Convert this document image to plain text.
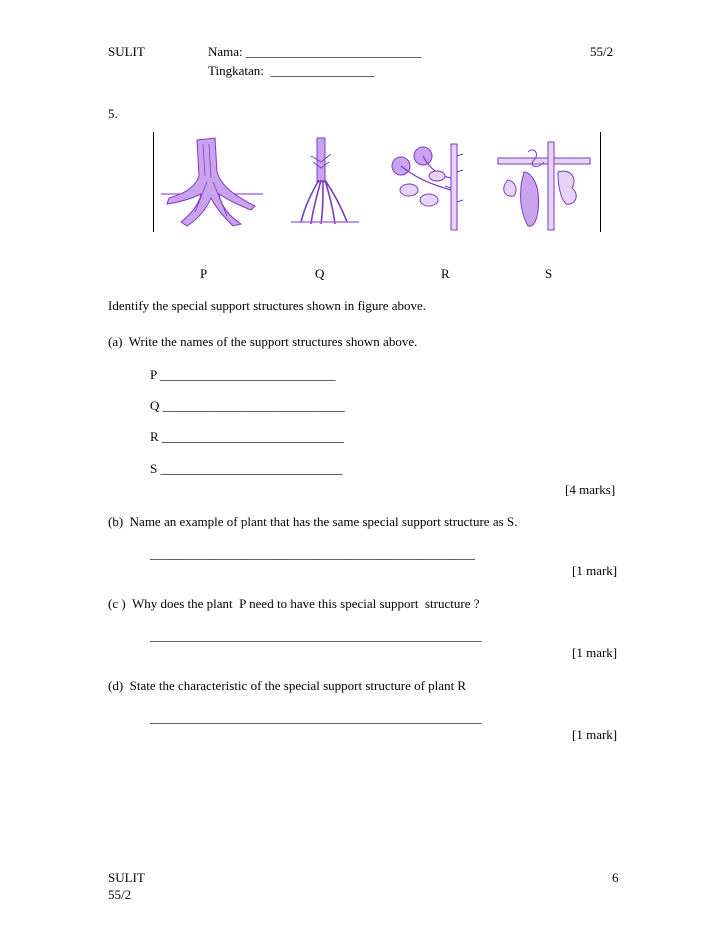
SULIT	Nama: ___________________________	55/2
Tingkatan:  ________________
5.
P	Q	R	S
Identify the special support structures shown in figure above.
(a)  Write the names of the support structures shown above.
P ___________________________
Q ____________________________
R ____________________________
S ____________________________
[4 marks]
(b)  Name an example of plant that has the same special support structure as S.
__________________________________________________
[1 mark]
(c )  Why does the plant  P need to have this special support  structure ?
___________________________________________________
[1 mark]
(d)  State the characteristic of the special support structure of plant R
___________________________________________________
[1 mark]
SULIT
55/2
6
